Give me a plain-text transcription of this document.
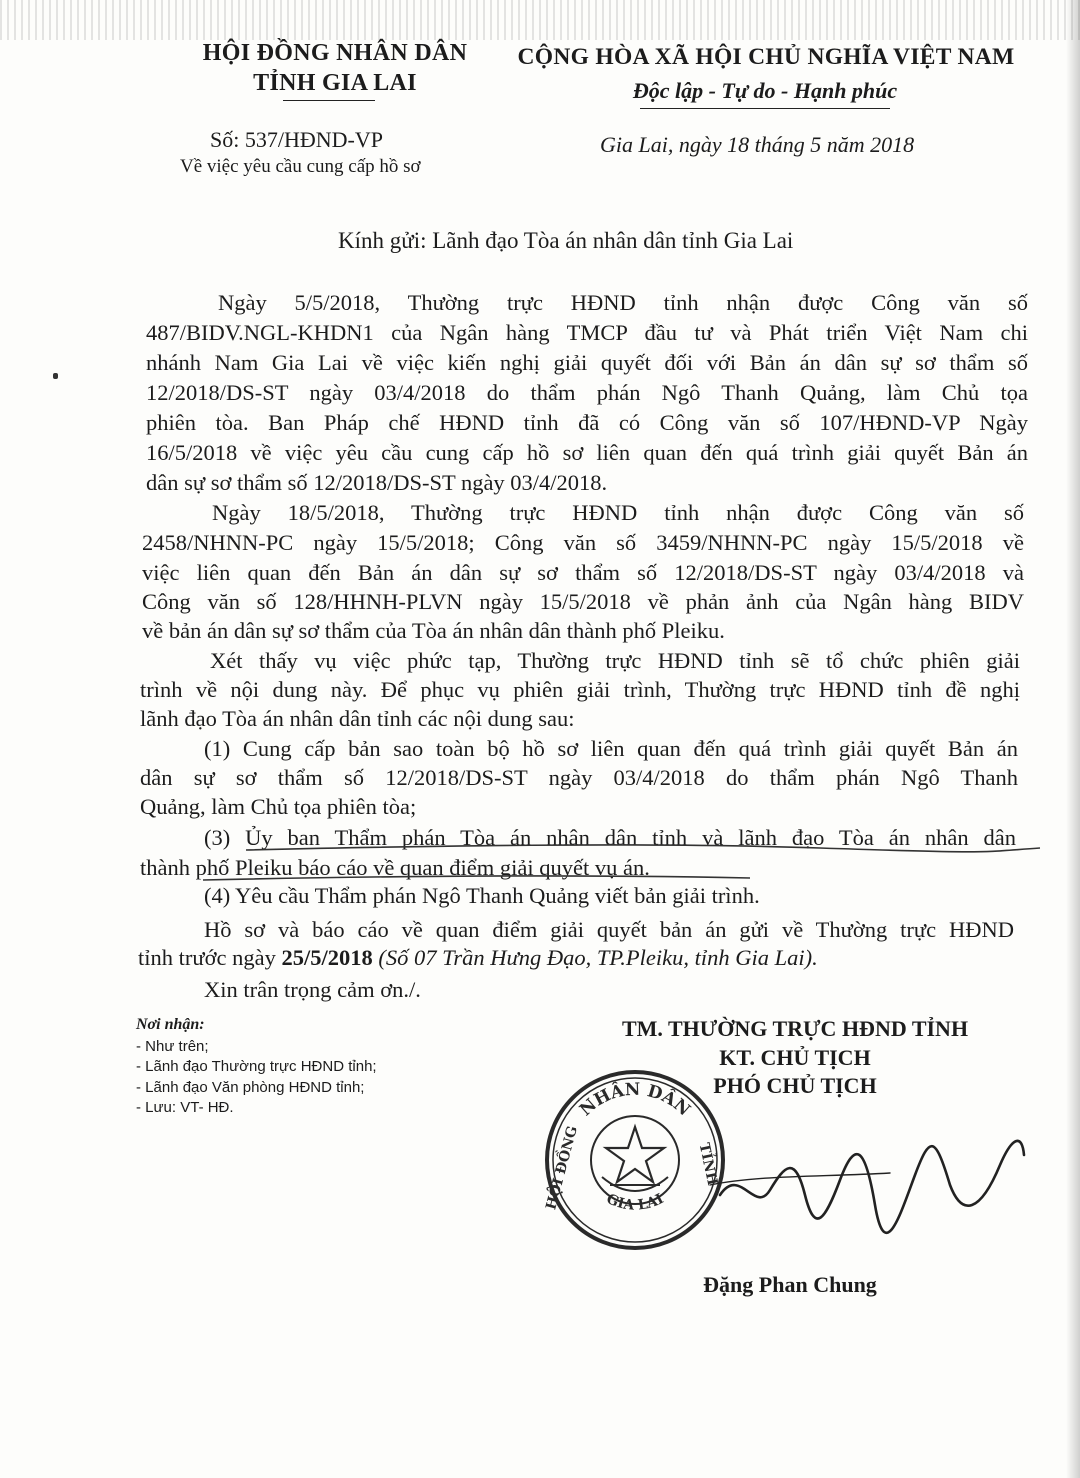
HỘI ĐỒNG NHÂN DÂN
TỈNH GIA LAI
CỘNG HÒA XÃ HỘI CHỦ NGHĨA VIỆT NAM
Độc lập - Tự do - Hạnh phúc
Số: 537/HĐND-VP
Về việc yêu cầu cung cấp hồ sơ
Gia Lai, ngày 18 tháng 5 năm 2018
Kính gửi: Lãnh đạo Tòa án nhân dân tỉnh Gia Lai
Ngày 5/5/2018, Thường trực HĐND tỉnh nhận được Công văn số
487/BIDV.NGL-KHDN1 của Ngân hàng TMCP đầu tư và Phát triển Việt Nam chi
nhánh Nam Gia Lai về việc kiến nghị giải quyết đối với Bản án dân sự sơ thẩm số
12/2018/DS-ST ngày 03/4/2018 do thẩm phán Ngô Thanh Quảng, làm Chủ tọa
phiên tòa. Ban Pháp chế HĐND tỉnh đã có Công văn số 107/HĐND-VP Ngày
16/5/2018 về việc yêu cầu cung cấp hồ sơ liên quan đến quá trình giải quyết Bản án
dân sự sơ thẩm số 12/2018/DS-ST ngày 03/4/2018.
Ngày 18/5/2018, Thường trực HĐND tỉnh nhận được Công văn số
2458/NHNN-PC ngày 15/5/2018; Công văn số 3459/NHNN-PC ngày 15/5/2018 về
việc liên quan đến Bản án dân sự sơ thẩm số 12/2018/DS-ST ngày 03/4/2018 và
Công văn số 128/HHNH-PLVN ngày 15/5/2018 về phản ảnh của Ngân hàng BIDV
về bản án dân sự sơ thẩm của Tòa án nhân dân thành phố Pleiku.
Xét thấy vụ việc phức tạp, Thường trực HĐND tỉnh sẽ tổ chức phiên giải
trình về nội dung này. Để phục vụ phiên giải trình, Thường trực HĐND tỉnh đề nghị
lãnh đạo Tòa án nhân dân tỉnh các nội dung sau:
(1) Cung cấp bản sao toàn bộ hồ sơ liên quan đến quá trình giải quyết Bản án
dân sự sơ thẩm số 12/2018/DS-ST ngày 03/4/2018 do thẩm phán Ngô Thanh
Quảng, làm Chủ tọa phiên tòa;
(3) Ủy ban Thẩm phán Tòa án nhân dân tỉnh và lãnh đạo Tòa án nhân dân
thành phố Pleiku báo cáo về quan điểm giải quyết vụ án.
(4) Yêu cầu Thẩm phán Ngô Thanh Quảng viết bản giải trình.
Hồ sơ và báo cáo về quan điểm giải quyết bản án gửi về Thường trực HĐND
tỉnh trước ngày 25/5/2018 (Số 07 Trần Hưng Đạo, TP.Pleiku, tỉnh Gia Lai).
Xin trân trọng cảm ơn./.
Nơi nhận:
- Như trên;
- Lãnh đạo Thường trực HĐND tỉnh;
- Lãnh đạo Văn phòng HĐND tỉnh;
- Lưu: VT- HĐ.
TM. THƯỜNG TRỰC HĐND TỈNH
KT. CHỦ TỊCH
PHÓ CHỦ TỊCH
NHÂN DÂN
HỘI ĐỒNG	TỈNH
GIA LAI
Đặng Phan Chung
